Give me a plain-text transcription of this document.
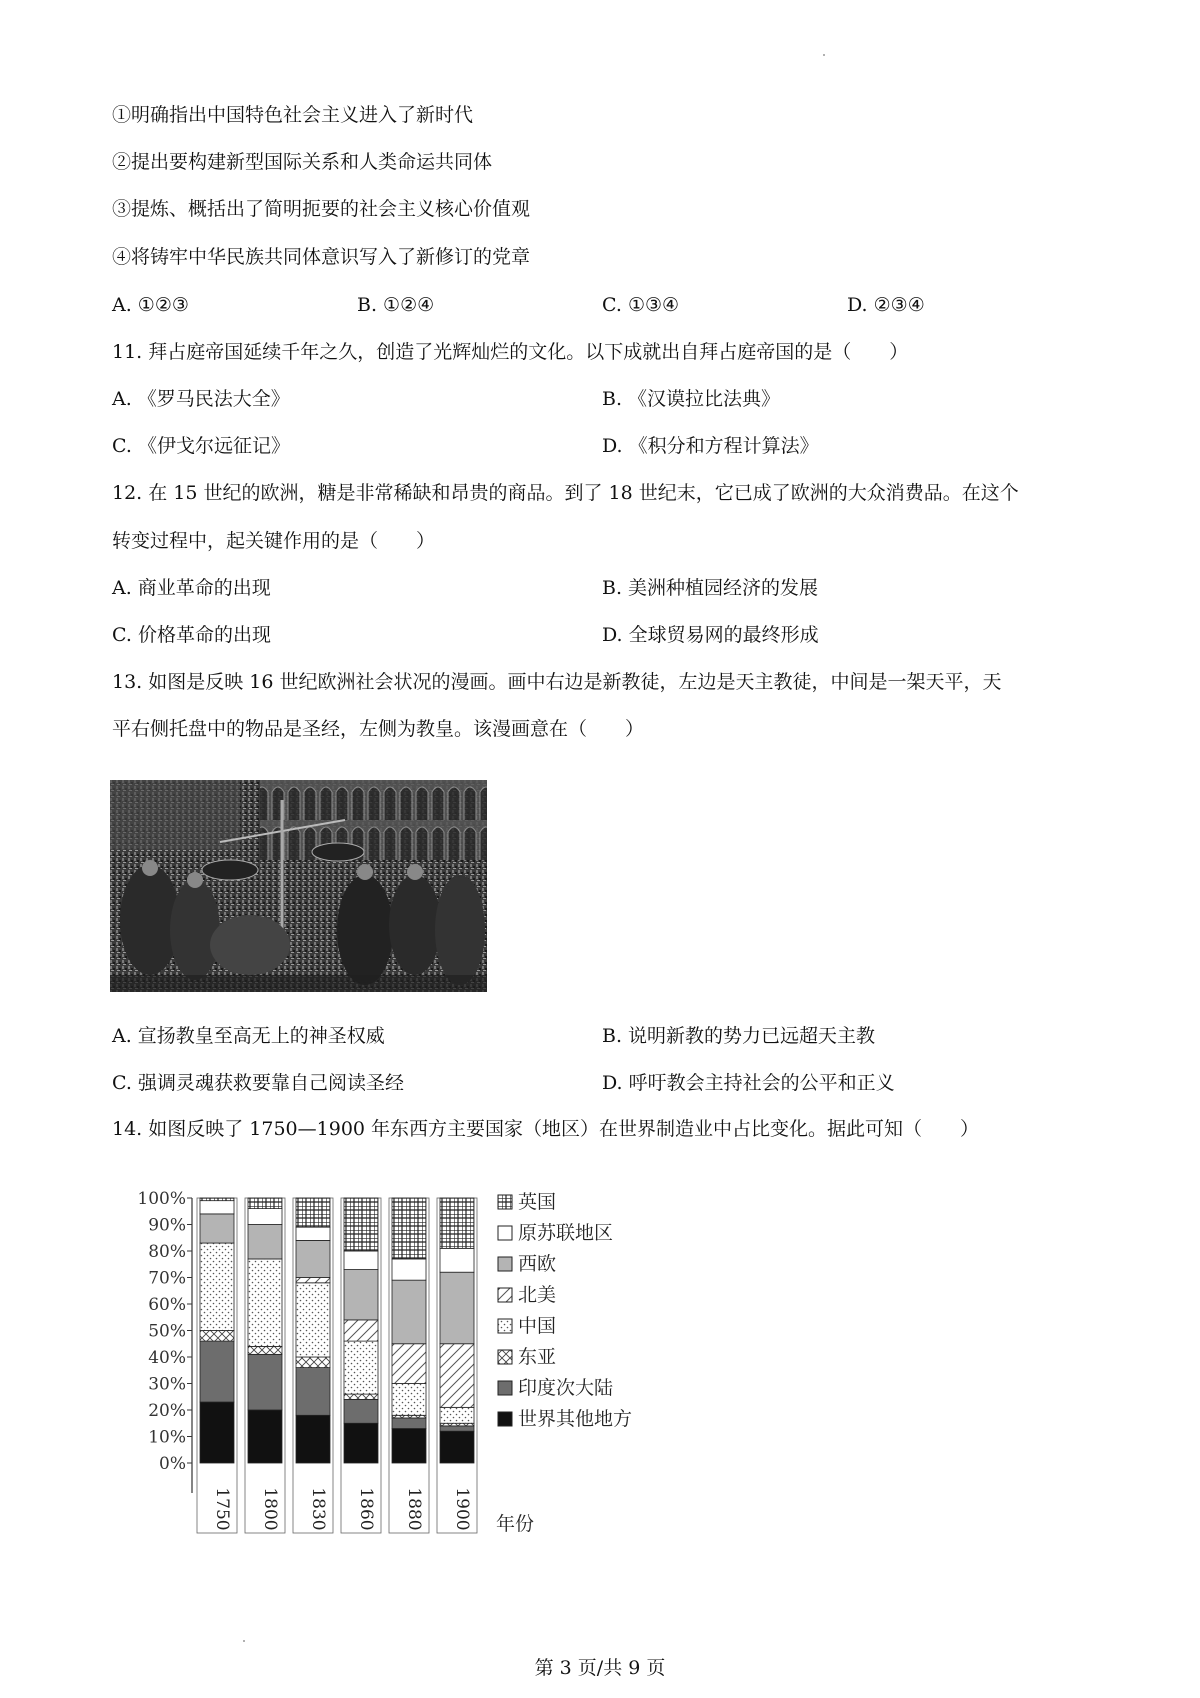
①明确指出中国特色社会主义进入了新时代
②提出要构建新型国际关系和人类命运共同体
③提炼、概括出了简明扼要的社会主义核心价值观
④将铸牢中华民族共同体意识写入了新修订的党章
A. ①②③	B. ①②④	C. ①③④	D. ②③④
11. 拜占庭帝国延续千年之久，创造了光辉灿烂的文化。以下成就出自拜占庭帝国的是（　　）
A. 《罗马民法大全》	B. 《汉谟拉比法典》
C. 《伊戈尔远征记》	D. 《积分和方程计算法》
12. 在 15 世纪的欧洲，糖是非常稀缺和昂贵的商品。到了 18 世纪末，它已成了欧洲的大众消费品。在这个
转变过程中，起关键作用的是（　　）
A. 商业革命的出现	B. 美洲种植园经济的发展
C. 价格革命的出现	D. 全球贸易网的最终形成
13. 如图是反映 16 世纪欧洲社会状况的漫画。画中右边是新教徒，左边是天主教徒，中间是一架天平，天
平右侧托盘中的物品是圣经，左侧为教皇。该漫画意在（　　）
A. 宣扬教皇至高无上的神圣权威	B. 说明新教的势力已远超天主教
C. 强调灵魂获救要靠自己阅读圣经	D. 呼吁教会主持社会的公平和正义
14. 如图反映了 1750—1900 年东西方主要国家（地区）在世界制造业中占比变化。据此可知（　　）
100%
90%
80%
70%
60%
50%
40%
30%
20%
10%
0%
年份
1750 1800 1830 1860 1880 1900
英国
原苏联地区
西欧
北美
中国
东亚
印度次大陆
世界其他地方
第 3 页/共 9 页
